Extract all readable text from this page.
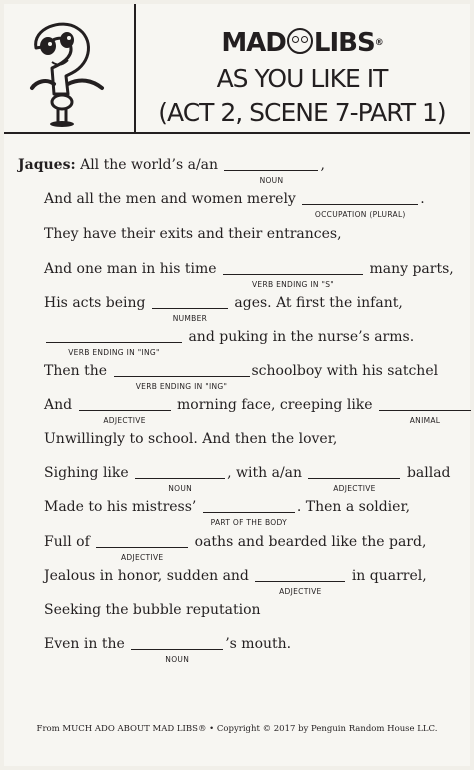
MAD LIBS®
AS YOU LIKE IT
(ACT 2, SCENE 7-PART 1)
Jaques: All the world’s a/an
NOUN
,
And all the men and women merely
OCCUPATION (PLURAL)
.
They have their exits and their entrances,
And one man in his time
VERB ENDING IN "S"
many parts,
His acts being
NUMBER
ages. At first the infant,
VERB ENDING IN "ING"
and puking in the nurse’s arms.
Then the
VERB ENDING IN "ING"
schoolboy with his satchel
And
ADJECTIVE
morning face, creeping like
ANIMAL
Unwillingly to school. And then the lover,
Sighing like
NOUN
, with a/an
ADJECTIVE
ballad
Made to his mistress’
PART OF THE BODY
. Then a soldier,
Full of
ADJECTIVE
oaths and bearded like the pard,
Jealous in honor, sudden and
ADJECTIVE
in quarrel,
Seeking the bubble reputation
Even in the
NOUN
’s mouth.
From MUCH ADO ABOUT MAD LIBS® • Copyright © 2017 by Penguin Random House LLC.
